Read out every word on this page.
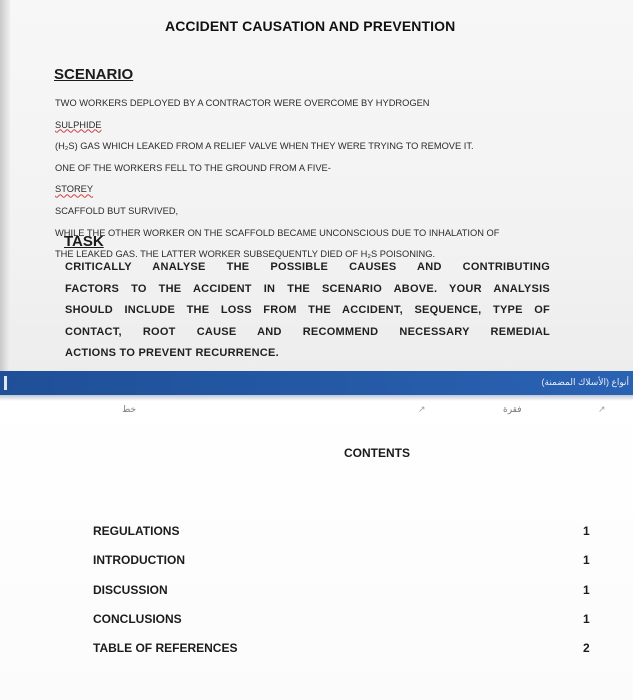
ACCIDENT CAUSATION AND PREVENTION
SCENARIO
TWO WORKERS DEPLOYED BY A CONTRACTOR WERE OVERCOME BY HYDROGEN
SULPHIDE
(H₂S) GAS WHICH LEAKED FROM A RELIEF VALVE WHEN THEY WERE TRYING TO REMOVE IT.
ONE OF THE WORKERS FELL TO THE GROUND FROM A FIVE-
STOREY
SCAFFOLD BUT SURVIVED,
WHILE THE OTHER WORKER ON THE SCAFFOLD BECAME UNCONSCIOUS DUE TO INHALATION OF
THE LEAKED GAS. THE LATTER WORKER SUBSEQUENTLY DIED OF H₂S POISONING.
TASK
CRITICALLY ANALYSE THE POSSIBLE CAUSES AND CONTRIBUTING
FACTORS TO THE ACCIDENT IN THE SCENARIO ABOVE. YOUR ANALYSIS
SHOULD INCLUDE THE LOSS FROM THE ACCIDENT, SEQUENCE, TYPE OF
CONTACT, ROOT CAUSE AND RECOMMEND NECESSARY REMEDIAL
ACTIONS TO PREVENT RECURRENCE.
(الأسلاك المضمنة) أنواع
خط	↗	فقرة	↗
CONTENTS
REGULATIONS	1
INTRODUCTION	1
DISCUSSION	1
CONCLUSIONS	1
TABLE OF REFERENCES	2
